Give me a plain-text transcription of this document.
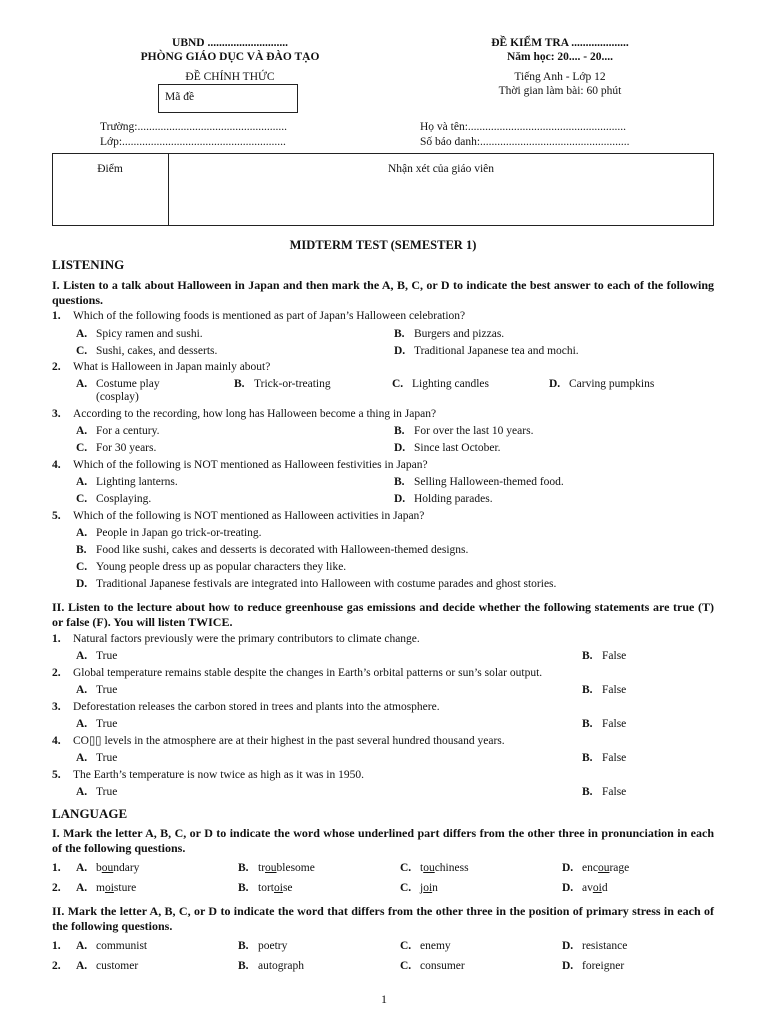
UBND ............................
PHÒNG GIÁO DỤC VÀ ĐÀO TẠO
ĐỀ CHÍNH THỨC
Mã đề
ĐỀ KIỂM TRA ....................
Năm học: 20.... - 20....
Tiếng Anh - Lớp 12
Thời gian làm bài: 60 phút
Trường:....................................................
Lớp:.........................................................
Họ và tên:.......................................................
Số báo danh:....................................................
Điểm	Nhận xét của giáo viên
MIDTERM TEST (SEMESTER 1)
LISTENING
I. Listen to a talk about Halloween in Japan and then mark the A, B, C, or D to indicate the best answer to each of the following questions.
1.	Which of the following foods is mentioned as part of Japan’s Halloween celebration?
A. Spicy ramen and sushi.	B. Burgers and pizzas.
C. Sushi, cakes, and desserts.	D. Traditional Japanese tea and mochi.
2.	What is Halloween in Japan mainly about?
A. Costume play
(cosplay)
B. Trick-or-treating	C. Lighting candles	D. Carving pumpkins
3.	According to the recording, how long has Halloween become a thing in Japan?
A. For a century.	B. For over the last 10 years.
C. For 30 years.	D. Since last October.
4.	Which of the following is NOT mentioned as Halloween festivities in Japan?
A. Lighting lanterns.	B. Selling Halloween-themed food.
C. Cosplaying.	D. Holding parades.
5.	Which of the following is NOT mentioned as Halloween activities in Japan?
A. People in Japan go trick-or-treating.
B. Food like sushi, cakes and desserts is decorated with Halloween-themed designs.
C. Young people dress up as popular characters they like.
D. Traditional Japanese festivals are integrated into Halloween with costume parades and ghost stories.
II. Listen to the lecture about how to reduce greenhouse gas emissions and decide whether the following statements are true (T) or false (F). You will listen TWICE.
1.	Natural factors previously were the primary contributors to climate change.
A. True	B. False
2.	Global temperature remains stable despite the changes in Earth’s orbital patterns or sun’s solar output.
A. True	B. False
3.	Deforestation releases the carbon stored in trees and plants into the atmosphere.
A. True	B. False
4.	CO▯▯ levels in the atmosphere are at their highest in the past several hundred thousand years.
A. True	B. False
5.	The Earth’s temperature is now twice as high as it was in 1950.
A. True	B. False
LANGUAGE
I. Mark the letter A, B, C, or D to indicate the word whose underlined part differs from the other three in pronunciation in each of the following questions.
1.	A. boundary	B. troublesome	C. touchiness	D. encourage
2.	A. moisture	B. tortoise	C. join	D. avoid
II. Mark the letter A, B, C, or D to indicate the word that differs from the other three in the position of primary stress in each of the following questions.
1.	A. communist	B. poetry	C. enemy	D. resistance
2.	A. customer	B. autograph	C. consumer	D. foreigner
1
